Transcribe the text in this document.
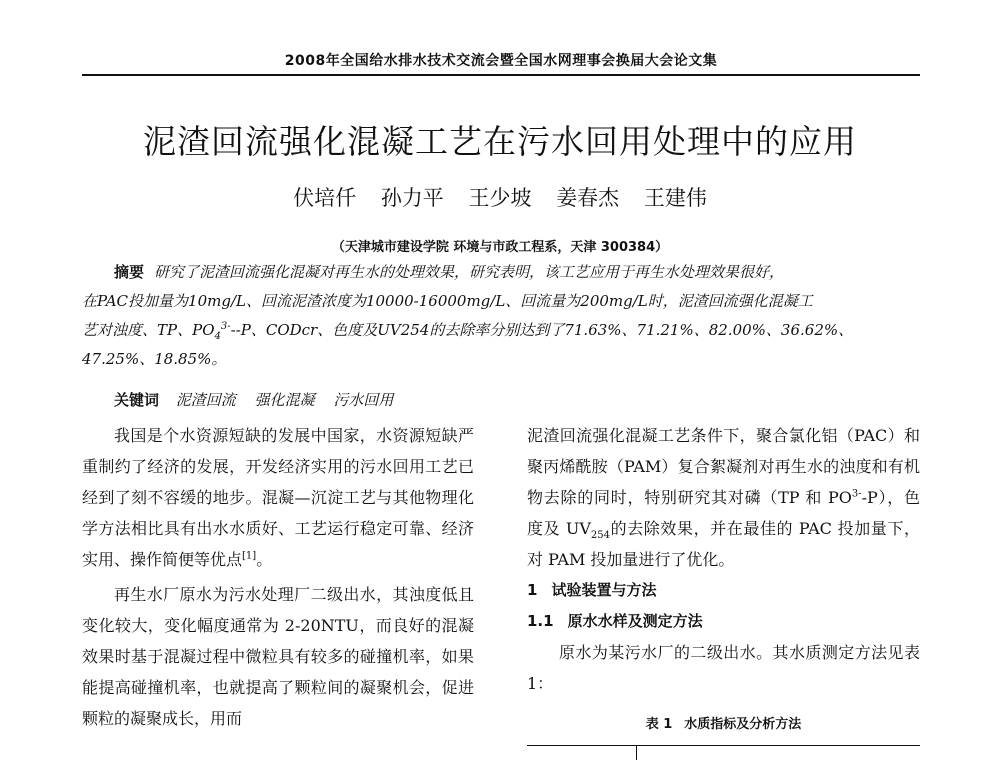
2008年全国给水排水技术交流会暨全国水网理事会换届大会论文集
泥渣回流强化混凝工艺在污水回用处理中的应用
伏培仟 孙力平 王少坡 姜春杰 王建伟
（天津城市建设学院 环境与市政工程系，天津 300384）
摘要 研究了泥渣回流强化混凝对再生水的处理效果，研究表明，该工艺应用于再生水处理效果很好，
在PAC投加量为10mg/L、回流泥渣浓度为10000-16000mg/L、回流量为200mg/L时，泥渣回流强化混凝工
艺对浊度、TP、$PO_4^{3-}--P$、CODcr、色度及UV254的去除率分别达到了71.63%、71.21%、82.00%、36.62%、
47.25%、18.85%。
关键词 泥渣回流 强化混凝 污水回用

我国是个水资源短缺的发展中国家，水资源短缺严重制约了经济的发展，开发经济实用的污水回用工艺已经到了刻不容缓的地步。混凝—沉淀工艺与其他物理化学方法相比具有出水水质好、工艺运行稳定可靠、经济实用、操作简便等优点[1]。

再生水厂原水为污水处理厂二级出水，其浊度低且变化较大，变化幅度通常为 2-20NTU，而良好的混凝效果时基于混凝过程中微粒具有较多的碰撞机率，如果能提高碰撞机率，也就提高了颗粒间的凝聚机会，促进颗粒的凝聚成长，用而

泥渣回流强化混凝工艺条件下，聚合氯化铝（PAC）和聚丙烯酰胺（PAM）复合絮凝剂对再生水的浊度和有机物去除的同时，特别研究其对磷（TP 和 $PO^{3-}-P$），色度及 $UV_{254}$的去除效果，并在最佳的 PAC 投加量下，对 PAM 投加量进行了优化。

1 试验装置与方法

1.1 原水水样及测定方法

原水为某污水厂的二级出水。其水质测定方法见表 1：

表 1 水质指标及分析方法
